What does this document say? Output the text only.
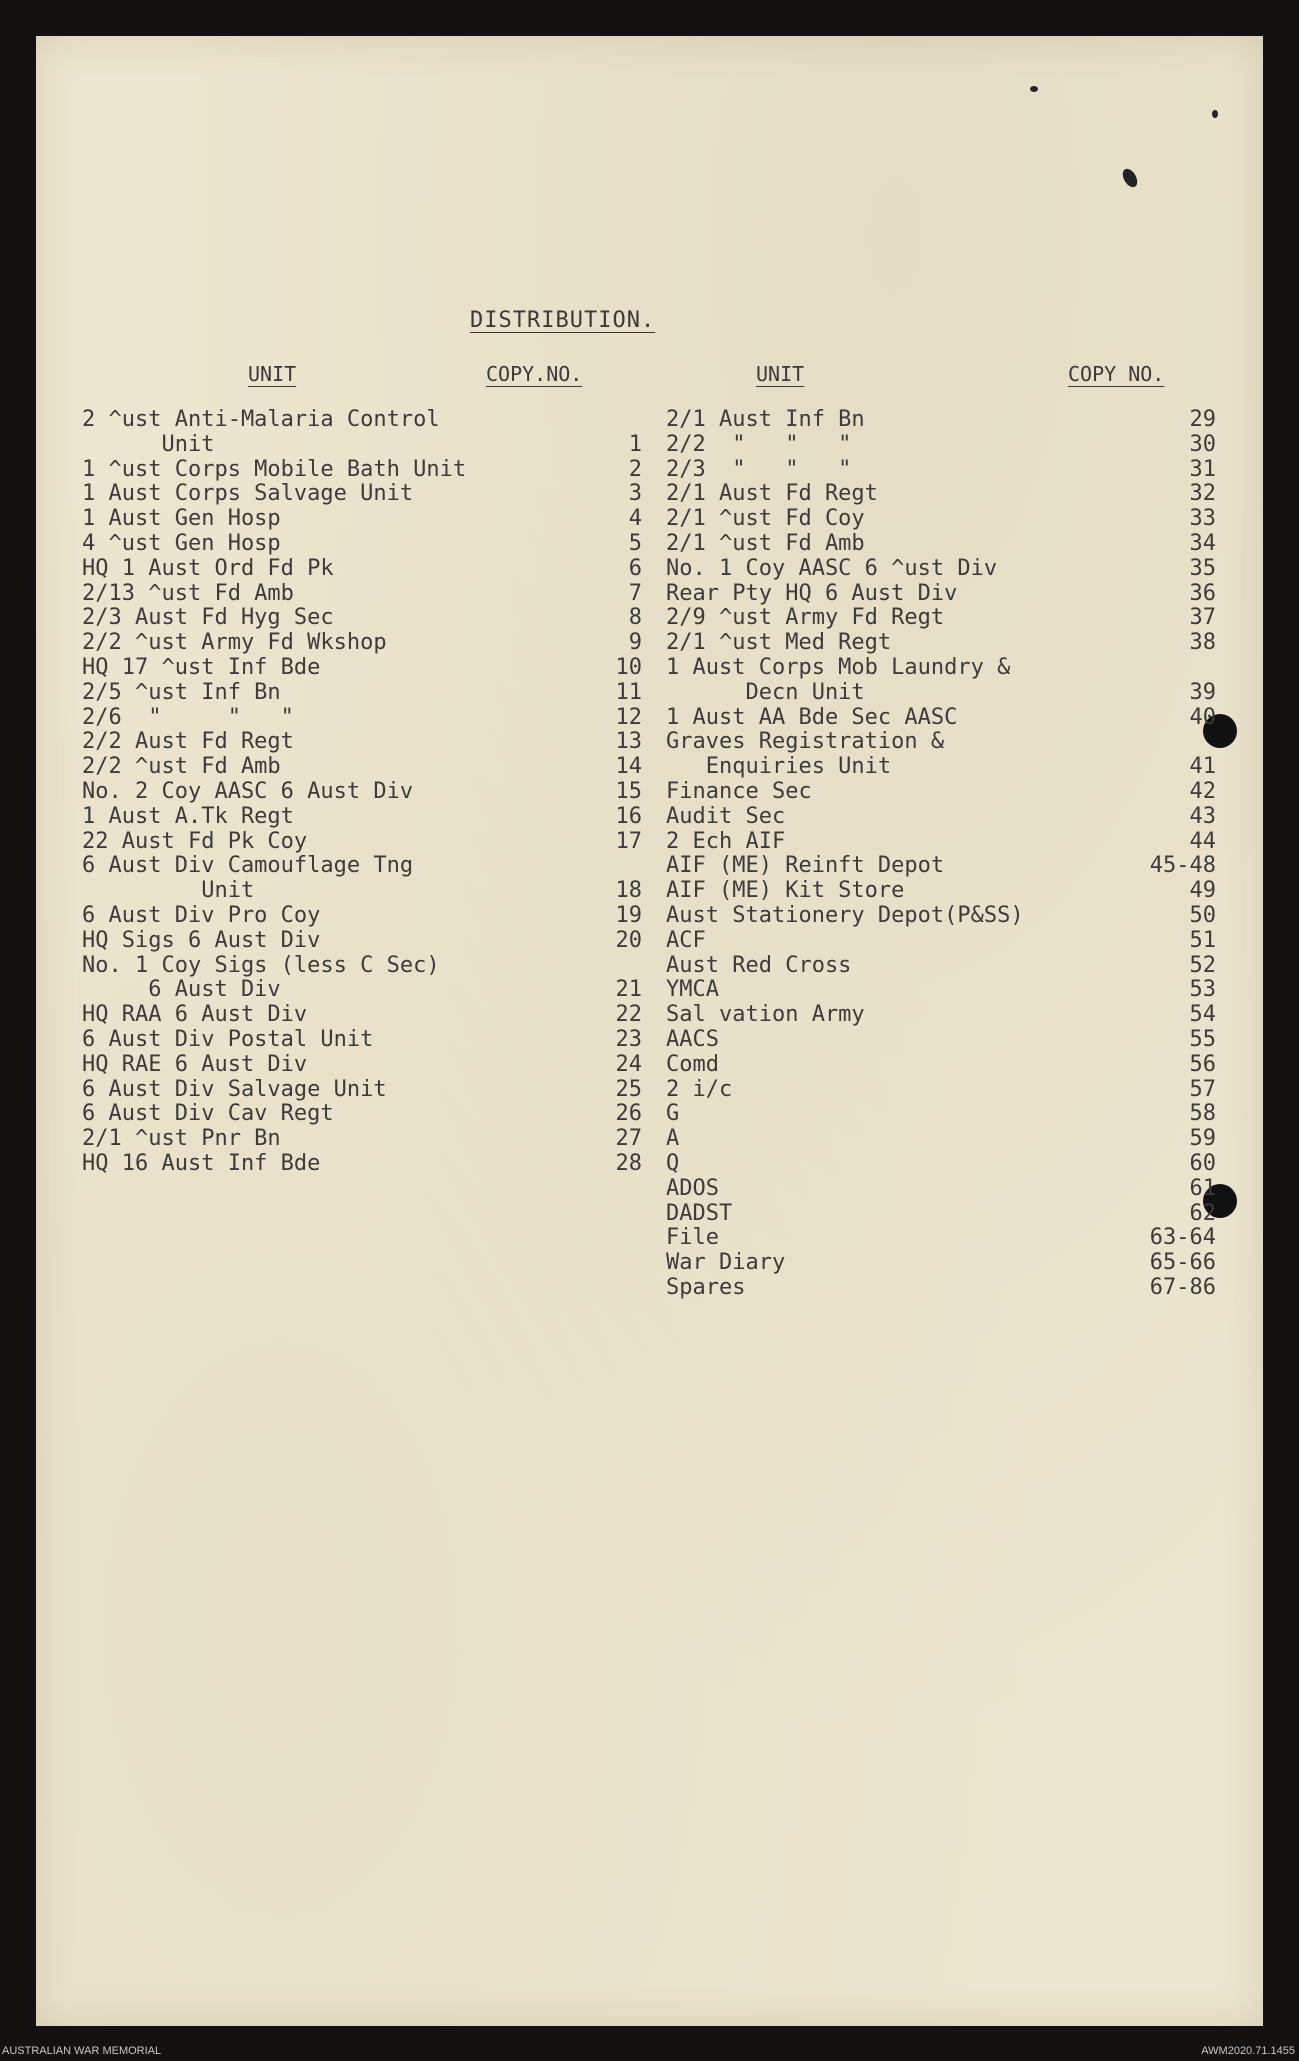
DISTRIBUTION.
UNIT	COPY.NO.	UNIT	COPY NO.
2 ^ust Anti-Malaria Control
Unit	1
1 ^ust Corps Mobile Bath Unit	2
1 Aust Corps Salvage Unit	3
1 Aust Gen Hosp	4
4 ^ust Gen Hosp	5
HQ 1 Aust Ord Fd Pk	6
2/13 ^ust Fd Amb	7
2/3 Aust Fd Hyg Sec	8
2/2 ^ust Army Fd Wkshop	9
HQ 17 ^ust Inf Bde	10
2/5 ^ust Inf Bn	11
2/6  "     "   "	12
2/2 Aust Fd Regt	13
2/2 ^ust Fd Amb	14
No. 2 Coy AASC 6 Aust Div	15
1 Aust A.Tk Regt	16
22 Aust Fd Pk Coy	17
6 Aust Div Camouflage Tng
Unit	18
6 Aust Div Pro Coy	19
HQ Sigs 6 Aust Div	20
No. 1 Coy Sigs (less C Sec)
6 Aust Div	21
HQ RAA 6 Aust Div	22
6 Aust Div Postal Unit	23
HQ RAE 6 Aust Div	24
6 Aust Div Salvage Unit	25
6 Aust Div Cav Regt	26
2/1 ^ust Pnr Bn	27
HQ 16 Aust Inf Bde	28
2/1 Aust Inf Bn	29
2/2  "   "   "	30
2/3  "   "   "	31
2/1 Aust Fd Regt	32
2/1 ^ust Fd Coy	33
2/1 ^ust Fd Amb	34
No. 1 Coy AASC 6 ^ust Div	35
Rear Pty HQ 6 Aust Div	36
2/9 ^ust Army Fd Regt	37
2/1 ^ust Med Regt	38
1 Aust Corps Mob Laundry &
Decn Unit	39
1 Aust AA Bde Sec AASC	40
Graves Registration &
Enquiries Unit	41
Finance Sec	42
Audit Sec	43
2 Ech AIF	44
AIF (ME) Reinft Depot	45-48
AIF (ME) Kit Store	49
Aust Stationery Depot(P&SS)	50
ACF	51
Aust Red Cross	52
YMCA	53
Sal vation Army	54
AACS	55
Comd	56
2 i/c	57
G	58
A	59
Q	60
ADOS	61
DADST	62
File	63-64
War Diary	65-66
Spares	67-86
AUSTRALIAN WAR MEMORIAL	AWM2020.71.1455
